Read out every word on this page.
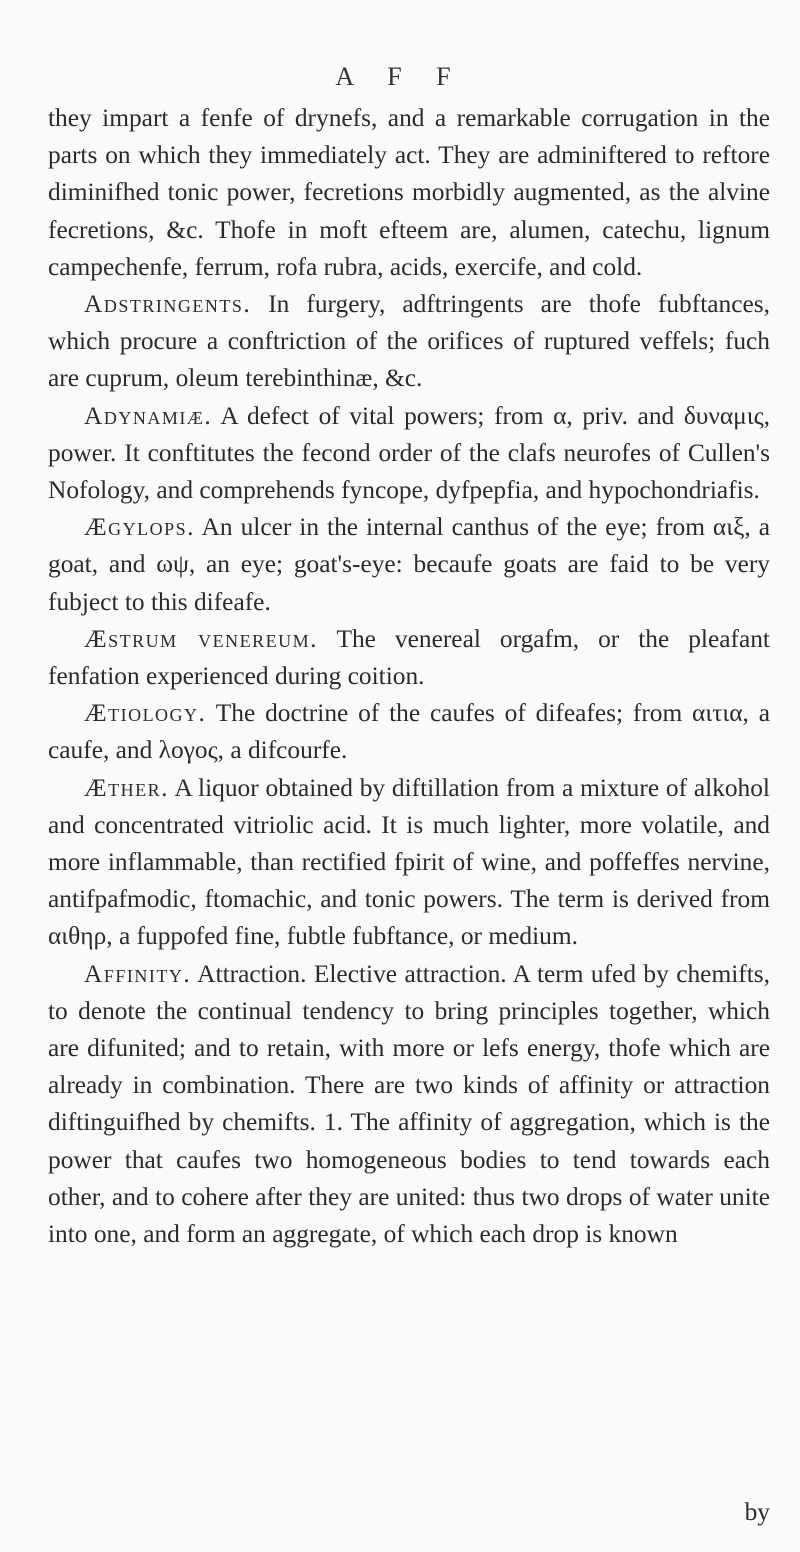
A F F

they impart a fenfe of drynefs, and a remarkable corrugation in the parts on which they immediately act. They are adminiftered to reftore diminifhed tonic power, fecretions morbidly augmented, as the alvine fecretions, &c. Thofe in moft efteem are, alumen, catechu, lignum campechenfe, ferrum, rofa rubra, acids, exercife, and cold.

Adstringents. In furgery, adftringents are thofe fubftances, which procure a conftriction of the orifices of ruptured veffels; fuch are cuprum, oleum terebinthinæ, &c.

Adynamiæ. A defect of vital powers; from α, priv. and δυναμις, power. It conftitutes the fecond order of the clafs neurofes of Cullen's Nofology, and comprehends fyncope, dyfpepfia, and hypochondriafis.

Ægylops. An ulcer in the internal canthus of the eye; from αιξ, a goat, and ωψ, an eye; goat's-eye: becaufe goats are faid to be very fubject to this difeafe.

Æstrum venereum. The venereal orgafm, or the pleafant fenfation experienced during coition.

Ætiology. The doctrine of the caufes of difeafes; from αιτια, a caufe, and λογος, a difcourfe.

Æther. A liquor obtained by diftillation from a mixture of alkohol and concentrated vitriolic acid. It is much lighter, more volatile, and more inflammable, than rectified fpirit of wine, and poffeffes nervine, antifpafmodic, ftomachic, and tonic powers. The term is derived from αιθηρ, a fuppofed fine, fubtle fubftance, or medium.

Affinity. Attraction. Elective attraction. A term ufed by chemifts, to denote the continual tendency to bring principles together, which are difunited; and to retain, with more or lefs energy, thofe which are already in combination. There are two kinds of affinity or attraction diftinguifhed by chemifts. 1. The affinity of aggregation, which is the power that caufes two homogeneous bodies to tend towards each other, and to cohere after they are united: thus two drops of water unite into one, and form an aggregate, of which each drop is known

by
